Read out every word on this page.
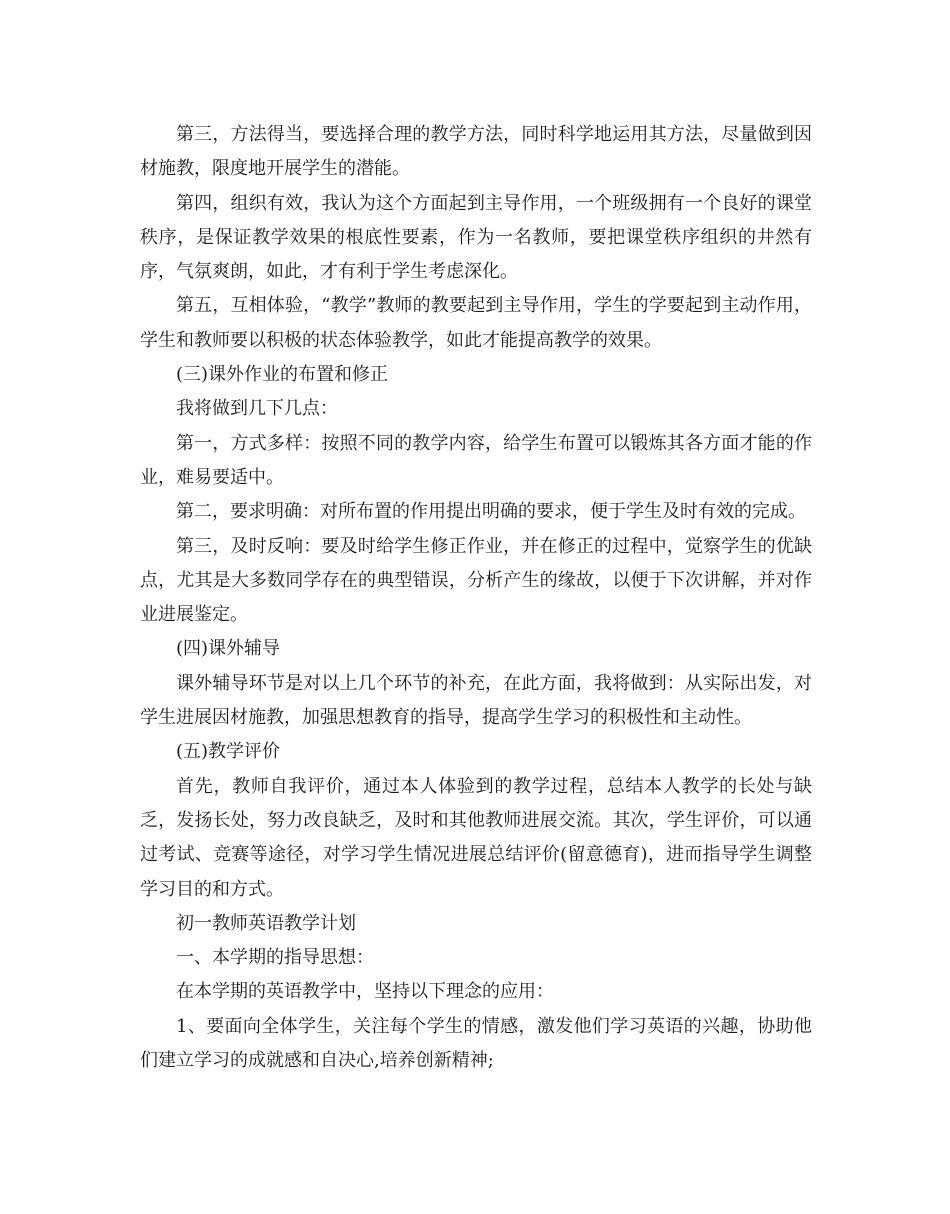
第三，方法得当，要选择合理的教学方法，同时科学地运用其方法，尽量做到因材施教，限度地开展学生的潜能。

第四，组织有效，我认为这个方面起到主导作用，一个班级拥有一个良好的课堂秩序，是保证教学效果的根底性要素，作为一名教师，要把课堂秩序组织的井然有序，气氛爽朗，如此，才有利于学生考虑深化。

第五，互相体验，“教学”教师的教要起到主导作用，学生的学要起到主动作用，学生和教师要以积极的状态体验教学，如此才能提高教学的效果。

(三)课外作业的布置和修正

我将做到几下几点：

第一，方式多样：按照不同的教学内容，给学生布置可以锻炼其各方面才能的作业，难易要适中。

第二，要求明确：对所布置的作用提出明确的要求，便于学生及时有效的完成。

第三，及时反响：要及时给学生修正作业，并在修正的过程中，觉察学生的优缺点，尤其是大多数同学存在的典型错误，分析产生的缘故，以便于下次讲解，并对作业进展鉴定。

(四)课外辅导

课外辅导环节是对以上几个环节的补充，在此方面，我将做到：从实际出发，对学生进展因材施教，加强思想教育的指导，提高学生学习的积极性和主动性。

(五)教学评价

首先，教师自我评价，通过本人体验到的教学过程，总结本人教学的长处与缺乏，发扬长处，努力改良缺乏，及时和其他教师进展交流。其次，学生评价，可以通过考试、竞赛等途径，对学习学生情况进展总结评价(留意德育)，进而指导学生调整学习目的和方式。

初一教师英语教学计划

一、本学期的指导思想：

在本学期的英语教学中，坚持以下理念的应用：

1、要面向全体学生，关注每个学生的情感，激发他们学习英语的兴趣，协助他们建立学习的成就感和自决心,培养创新精神;
